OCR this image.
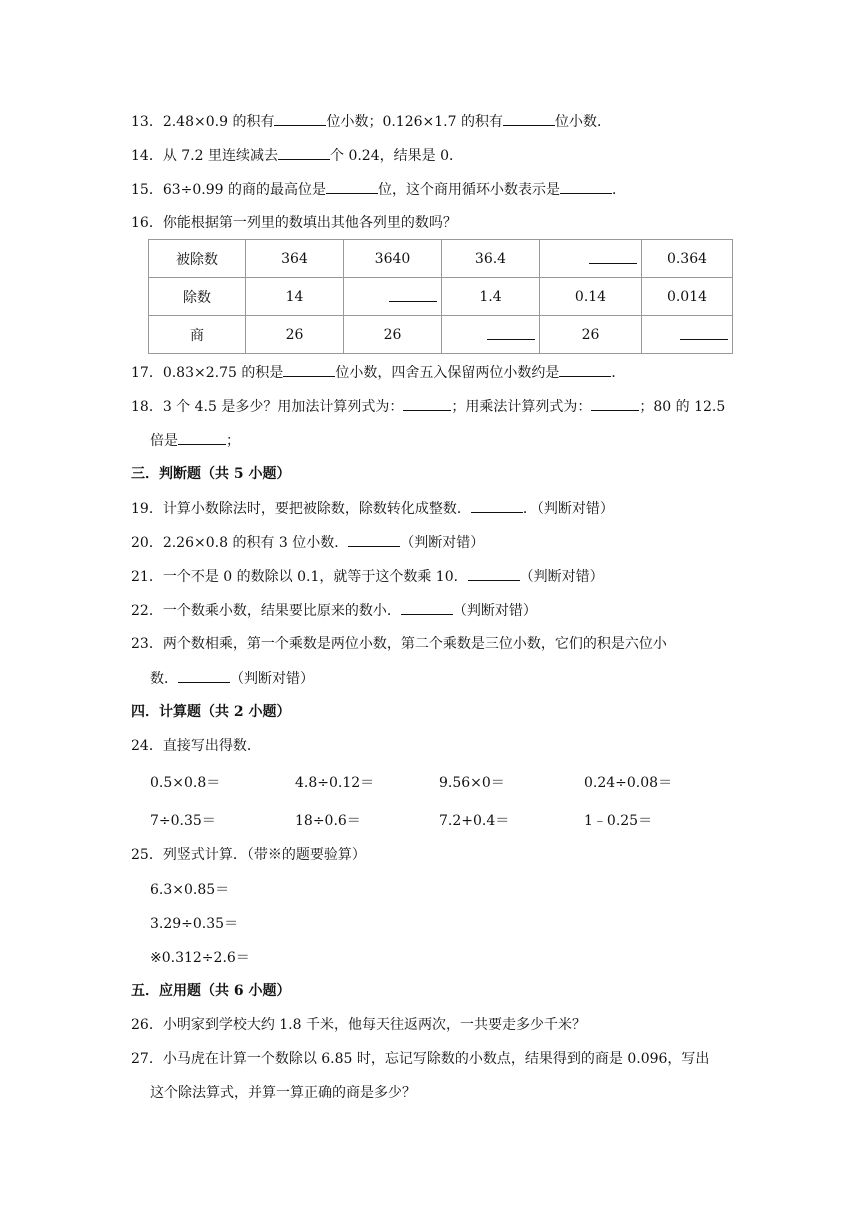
13．2.48×0.9 的积有	位小数；0.126×1.7 的积有	位小数．
14．从 7.2 里连续减去	个 0.24，结果是 0．
15．63÷0.99 的商的最高位是	位，这个商用循环小数表示是	．
16．你能根据第一列里的数填出其他各列里的数吗？
被除数	364	3640	36.4		0.364
除数	14		1.4	0.14	0.014
商	26	26		26	
17．0.83×2.75 的积是	位小数，四舍五入保留两位小数约是	．
18．3 个 4.5 是多少？用加法计算列式为：	；用乘法计算列式为：	；80 的 12.5
倍是	；
三．判断题（共 5 小题）
19．计算小数除法时，要把被除数，除数转化成整数．	．（判断对错）
20．2.26×0.8 的积有 3 位小数．	（判断对错）
21．一个不是 0 的数除以 0.1，就等于这个数乘 10．	（判断对错）
22．一个数乘小数，结果要比原来的数小．	（判断对错）
23．两个数相乘，第一个乘数是两位小数，第二个乘数是三位小数，它们的积是六位小
数．	（判断对错）
四．计算题（共 2 小题）
24．直接写出得数．
0.5×0.8＝	4.8÷0.12＝	9.56×0＝	0.24÷0.08＝
7÷0.35＝	18÷0.6＝	7.2+0.4＝	1﹣0.25＝
25．列竖式计算．（带※的题要验算）
6.3×0.85＝
3.29÷0.35＝
※0.312÷2.6＝
五．应用题（共 6 小题）
26．小明家到学校大约 1.8 千米，他每天往返两次，一共要走多少千米？
27．小马虎在计算一个数除以 6.85 时，忘记写除数的小数点，结果得到的商是 0.096，写出
这个除法算式，并算一算正确的商是多少？
